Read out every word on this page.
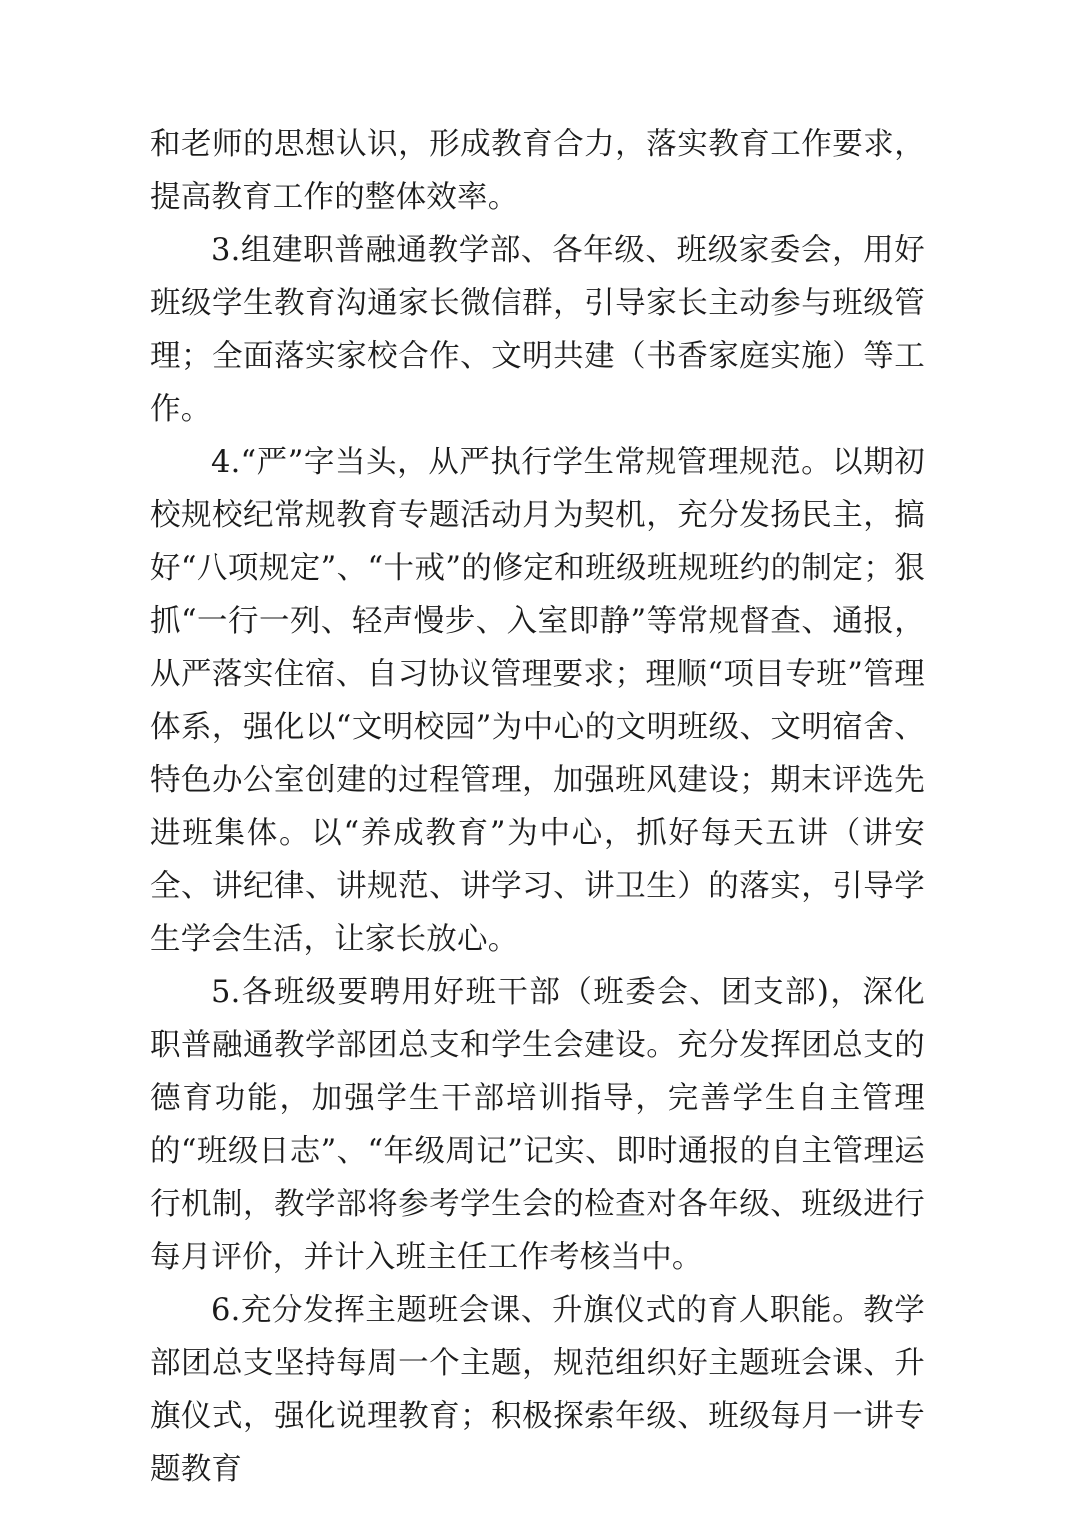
和老师的思想认识，形成教育合力，落实教育工作要求，提高教育工作的整体效率。

3.组建职普融通教学部、各年级、班级家委会，用好班级学生教育沟通家长微信群，引导家长主动参与班级管理；全面落实家校合作、文明共建（书香家庭实施）等工作。

4.“严”字当头，从严执行学生常规管理规范。以期初校规校纪常规教育专题活动月为契机，充分发扬民主，搞好“八项规定”、“十戒”的修定和班级班规班约的制定；狠抓“一行一列、轻声慢步、入室即静”等常规督查、通报，从严落实住宿、自习协议管理要求；理顺“项目专班”管理体系，强化以“文明校园”为中心的文明班级、文明宿舍、特色办公室创建的过程管理，加强班风建设；期末评选先进班集体。以“养成教育”为中心，抓好每天五讲（讲安全、讲纪律、讲规范、讲学习、讲卫生）的落实，引导学生学会生活，让家长放心。

5.各班级要聘用好班干部（班委会、团支部)，深化职普融通教学部团总支和学生会建设。充分发挥团总支的德育功能，加强学生干部培训指导，完善学生自主管理的“班级日志”、“年级周记”记实、即时通报的自主管理运行机制，教学部将参考学生会的检查对各年级、班级进行每月评价，并计入班主任工作考核当中。

6.充分发挥主题班会课、升旗仪式的育人职能。教学部团总支坚持每周一个主题，规范组织好主题班会课、升旗仪式，强化说理教育；积极探索年级、班级每月一讲专题教育
